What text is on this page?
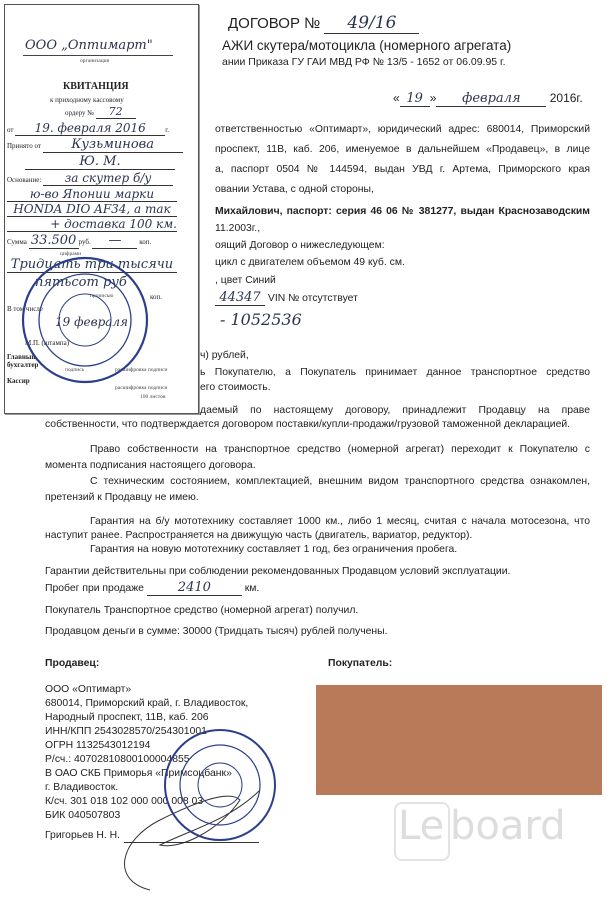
ДОГОВОР № 49/16
АЖИ скутера/мотоцикла (номерного агрегата)
ании Приказа ГУ ГАИ МВД РФ № 13/5 - 1652 от 06.09.95 г.
« 19 » февраля 2016г.
ответственностью «Оптимарт», юридический адрес: 680014, Приморский
проспект, 11В, каб. 206, именуемое в дальнейшем «Продавец», в лице
а, паспорт 0504 № 144594, выдан УВД г. Артема, Приморского края
овании Устава, с одной стороны,
Михайлович, паспорт: серия 46 06 № 381277, выдан Краснозаводским
11.2003г.,
оящий Договор о нижеследующем:
цикл с двигателем объемом 49 куб. см.
, цвет Синий
44347 VIN № отсутствует
- 1052536
ч) рублей,
ь Покупателю, а Покупатель принимает данное транспортное средство
его стоимость.
даемый по настоящему договору, принадлежит Продавцу на праве
собственности, что подтверждается договором поставки/купли-продажи/грузовой таможенной декларацией.
Право собственности на транспортное средство (номерной агрегат) переходит к Покупателю с
момента подписания настоящего договора.
С техническим состоянием, комплектацией, внешним видом транспортного средства ознакомлен,
претензий к Продавцу не имею.
Гарантия на б/у мототехнику составляет 1000 км., либо 1 месяц, считая с начала мотосезона, что
наступит ранее. Распространяется на движущую часть (двигатель, вариатор, редуктор).
Гарантия на новую мототехнику составляет 1 год, без ограничения пробега.
Гарантии действительны при соблюдении рекомендованных Продавцом условий эксплуатации.
Пробег при продаже	2410	км.
Покупатель Транспортное средство (номерной агрегат) получил.
Продавцом деньги в сумме: 30000 (Тридцать тысяч) рублей получены.
Продавец:
ООО «Оптимарт»
680014, Приморский край, г. Владивосток,
Народный проспект, 11В, каб. 206
ИНН/КПП 2543028570/254301001
ОГРН 1132543012194
Р/сч.: 40702810800100004855
В ОАО СКБ Приморья «Примсоцбанк»
г. Владивосток.
К/сч. 301 018 102 000 000 008 03
БИК 040507803
Григорьев Н. Н.
Покупатель:
Le board
ООО „Оптимарт"
организация
КВИТАНЦИЯ
к приходному кассовому
ордеру № 72
от 19. февраля 2016	г.
Принято от Кузьминова
Ю. М.
Основание: за скутер б/у
ю-во Японии марки
HONDA DIO AF34, а так
+ доставка 100 км.
Сумма 33.500 руб. —	коп.
цифрами
Тридцать три тысячи
пятьсот руб
прописью	коп.
В том числе
19 февраля
М.П. (штампа)
Главный бухгалтер
подпись	расшифровка подписи
Кассир
расшифровка подписи
100 листов
